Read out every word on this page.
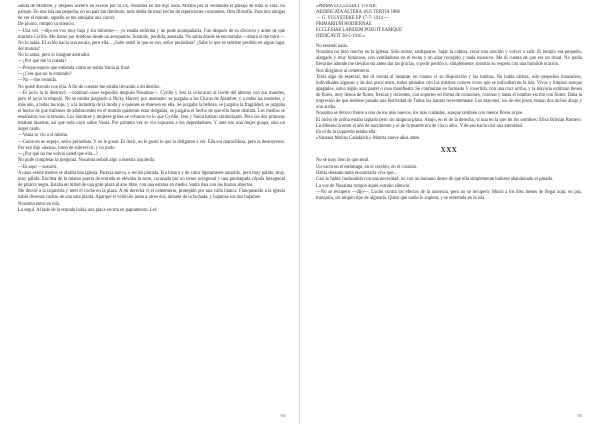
salida de Malmoë, y después aceleró en exceso por la 2A. Nosaima no me dijo nada. Miraba por la ventanilla el paisaje de toda la vida. Su paisaje. En una isla tan pequeña, en un país tan diminuto, todo debía de estar hecho de repeticiones constantes. Otra filosofía. Para mis amigas de ver el mundo, aquello se me antojaba una cárcel.

De pronto, rompió su silencio.

—Una vez —dijo en voz muy baja y sin mirarme—, yo estaba enferma y no pude acompañarla. Fue después de su divorcio y antes de que muriera Cyrille. Me llamó por teléfono desde un aeropuerto, llorando, perdida, asustada. No sabía dónde se encontraba —ahora sí me miró—. No lo sabía. El avión hacía una escala, pero ella... ¿Sabe usted lo que es eso, señor periodista? ¿Sabe lo que es sentirse perdido en algún lugar del mundo?

No lo sabía, pero lo imaginé aterrador.

—¿Por qué me lo cuenta?

—Porque espero que entienda cómo se sentía Vania al final.

—¿Cree que no lo entiendo?

—No —fue rotunda.

No quise discutir con ella. A fin de cuentas me estaba llevando a mi destino.

—El jucio la lo destruyó —continuó unos segundos después Nosaima—. Cyrille y Jess la colocaron al borde del abismo con sus muertes, pero el jucio la empujó. No se estaba juzgando a Nicky Harvey por asesinato: se juzgaba a las Chicas de Alambre, y a todas las modelos, y más aún, a todas las tops, y a la industria de la moda y a quienes se mueven en ella. Se juzgaba la belleza, se juzgaba la fragilidad, se juzgaba el hecho de que millones de adolescentes en el mundo quisieran estar delgadas, se juzgaba el hecho de que ella fuese distinta. Los medios se ensañaron con la tensión. Los hombres y mujeres grises se cebaron en lo que Cyrille, Jess y Vania habían simbolizado. Pero las dos primeras estaban muertas, así que todo cayó sobre Vania. Por primera vez se vio expuesta a los depredadores. Y ante eso una mujer guapa, sino un ángel caído.

—Vania se vio a sí misma.

—Como en un espejo, señor periodista. Y no le gustó. Es decir, no le gustó lo que la obligaron a ver. Ella era maravillosa, pero la destruyeron. Por eso dijo «basta», tomó de sobrevivir, y no pudo.

—¿Por qué no me volvió usted que ella...?

No pude completar la pregunta. Nosaima señaló algo a nuestra izquierda.

—Es aquí —susurró.

A unos veinte metros se alzaba una iglesia. Parecía nueva, o recién pintada. Era blanca y de color ligeramente amarillo, pero muy pálido, muy, muy pálido. Encima de la misma puerta de entrada se elevaba la torre, coronada por un tenue octogonal y una puntiaguda cúpula hexagonal de pizarra negra. Estaba en mitad de una gran plaza al aire libre, con una estatua en medio. Santa Ana con los brazos abiertos.

Me desvié a la izquierda y metí el coche en la plaza. A mi derecha vi el cementerio, protegido por una valla blanca. Flanqueando a la iglesia había diversas casitas de una sola planta. Aparqué el vehículo junto a otros dos, delante de la fachada, y bajamos los dos bajamos.

Nosaima entró en ella.

La seguí. Al lado de la entrada había una placa escrita en papiamento. Leí:

94
«PRIMA ECCLESIA 1 176 HIC
AEDIFICATA ALTERA 1831 TERTIA 1886
— G. VULYSTEKE EP 17-7- 1914 —
PRIMARIUM HODIERNAE
ECCLESIAE LAPIDEM POSUIT EAMQUE
DEDICAVIT 30-5-1916.»

No entendí nada.

Nosaima no hizo mucho en la iglesia. Sólo entrar, santiguarse, bajar la cabeza, rezar una oración y volver a salir. El templo era pequeño, alargado y muy luminoso, con ventiladores en el techo y un altar recogido y nada excesivo. Me di cuenta de que era un ritual. No podía llevarme adonde me llevaba sin antes dar las gracias, o pedir perdón o, simplemente, mostrar su respeto con una humilde oración.

Nos dirigimos al cementerio.

Tenía algo de especial, me di cuenta al instante, en cuanto vi su disposición y las tumbas. No había nichos, sólo pequeños mausoleos, individuales algunos y de dos pisos otros, todos pintados con los mismos colores vivos que se utilizaban en la isla. Vivos y limpios aunque apagados, salvo algún azul pastel o rosa manifiesto. Se conmulían en formado V invertida, con una cruz arriba, y la mayoría exhibían llenos de flores, muy llenos de flores, frescas y recientes, con soportes en forma de corazones, coronas y hasta el nombre escrito con flores. Daba la impresión de que hubiese pasado una festividad de Todos los Santos recientemente. Los mayores, los de dos pisos, tenían dos nichos abajo y uno arriba.

Nosaima se detuvo frente a uno de los más nuevos, los más cuidados, aunque también con menos flores al pie.

El nicho de arriba estaba tapiado pero sin ninguna placa. Abajo, en el de la derecha, vi una en la que leí los nombres: Elisa Briezan Romero. La diferencia entre el año de nacimiento y el de la muerte era de cinco años. Y de eso hacía casi una eternidad.

En el de la izquierda estaba ella:

«Vanessa Molins Cadafalch.» Muerta nueve años antes.

XXX

No sé muy bien lo que sentí.

Un vacío en el estómago, en el cerebro, en el corazón.

Había deseado tanto encontrarla viva que...

Casi lo había confundido con una necesidad, no con un humano deseo de que ella simplemente hubiese abandonado el pasado.

La voz de Nosaima rompió aquel extraño silencio.

—No se recuperó —dijo—. Luchó contra los efectos de la anorexia, pero no se recuperó. Murió a los diez meses de llegar aquí, en paz, tranquila, sin ningún tipo de algarada. Quiso que nadie lo supiera, y se enterrada en la isla.

95
